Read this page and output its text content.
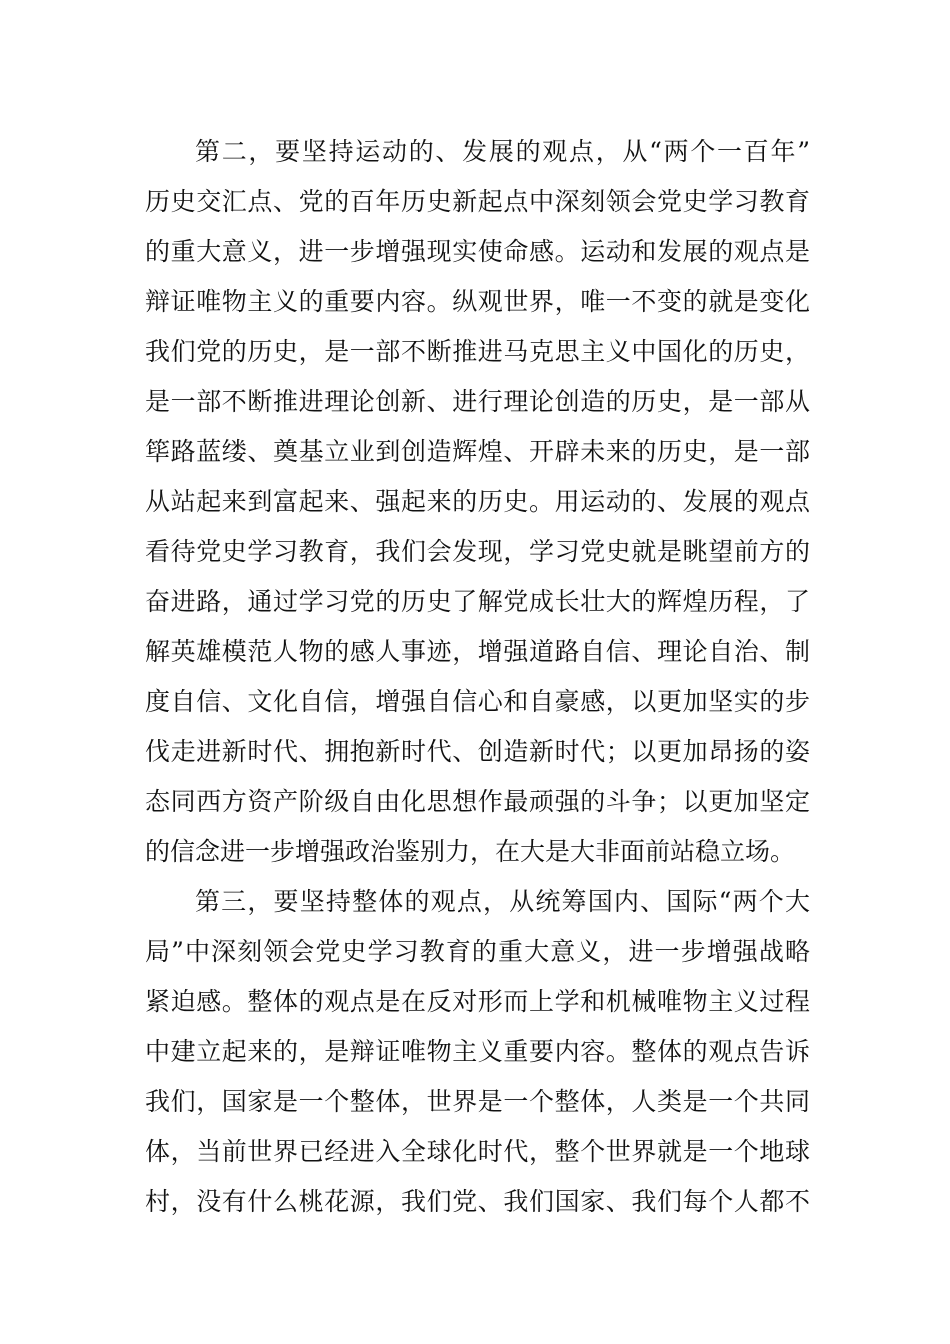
第二，要坚持运动的、发展的观点，从“两个一百年”
历史交汇点、党的百年历史新起点中深刻领会党史学习教育
的重大意义，进一步增强现实使命感。运动和发展的观点是
辩证唯物主义的重要内容。纵观世界，唯一不变的就是变化
我们党的历史，是一部不断推进马克思主义中国化的历史，
是一部不断推进理论创新、进行理论创造的历史，是一部从
筚路蓝缕、奠基立业到创造辉煌、开辟未来的历史，是一部
从站起来到富起来、强起来的历史。用运动的、发展的观点
看待党史学习教育，我们会发现，学习党史就是眺望前方的
奋进路，通过学习党的历史了解党成长壮大的辉煌历程，了
解英雄模范人物的感人事迹，增强道路自信、理论自治、制
度自信、文化自信，增强自信心和自豪感，以更加坚实的步
伐走进新时代、拥抱新时代、创造新时代；以更加昂扬的姿
态同西方资产阶级自由化思想作最顽强的斗争；以更加坚定
的信念进一步增强政治鉴别力，在大是大非面前站稳立场。
第三，要坚持整体的观点，从统筹国内、国际“两个大
局”中深刻领会党史学习教育的重大意义，进一步增强战略
紧迫感。整体的观点是在反对形而上学和机械唯物主义过程
中建立起来的，是辩证唯物主义重要内容。整体的观点告诉
我们，国家是一个整体，世界是一个整体，人类是一个共同
体，当前世界已经进入全球化时代，整个世界就是一个地球
村，没有什么桃花源，我们党、我们国家、我们每个人都不
